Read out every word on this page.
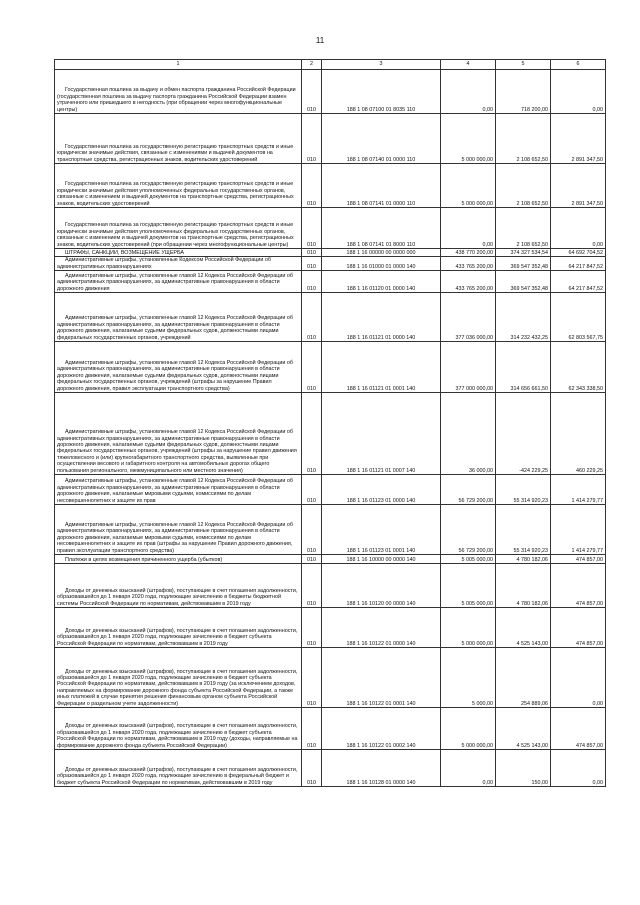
11
1	2	3	4	5	6

Государственная пошлина за выдачу и обмен паспорта гражданина Российской Федерации (государственная пошлина за выдачу паспорта гражданина Российской Федерации взамен утраченного или пришедшего в негодность (при обращении через многофункциональные центры)	010	188 1 08 07100 01 8035 110	0,00	718 200,00	0,00

Государственная пошлина за государственную регистрацию транспортных средств и иные юридически значимые действия, связанные с изменениями и выдачей документов на транспортные средства, регистрационных знаков, водительских удостоверений	010	188 1 08 07140 01 0000 110	5 000 000,00	2 108 652,50	2 891 347,50

Государственная пошлина за государственную регистрацию транспортных средств и иные юридически значимые действия уполномоченных федеральных государственных органов, связанные с изменением и выдачей документов на транспортные средства, регистрационных знаков, водительских удостоверений	010	188 1 08 07141 01 0000 110	5 000 000,00	2 108 652,50	2 891 347,50

Государственная пошлина за государственную регистрацию транспортных средств и иные юридически значимые действия уполномоченных федеральных государственных органов, связанные с изменением и выдачей документов на транспортные средства, регистрационных знаков, водительских удостоверений (при обращении через многофункциональные центры)	010	188 1 08 07141 01 8000 110	0,00	2 108 652,50	0,00

ШТРАФЫ, САНКЦИИ, ВОЗМЕЩЕНИЕ УЩЕРБА	010	188 1 16 00000 00 0000 000	438 770 200,00	374 327 534,54	64 692 704,52

Административные штрафы, установленные Кодексом Российской Федерации об административных правонарушениях	010	188 1 16 01000 01 0000 140	433 765 200,00	369 547 352,48	64 217 847,52

Административные штрафы, установленные главой 12 Кодекса Российской Федерации об административных правонарушениях, за административные правонарушения в области дорожного движения	010	188 1 16 01120 01 0000 140	433 765 200,00	369 547 352,48	64 217 847,52

Административные штрафы, установленные главой 12 Кодекса Российской Федерации об административных правонарушениях, за административные правонарушения в области дорожного движения, налагаемые судьями федеральных судов, должностными лицами федеральных государственных органов, учреждений	010	188 1 16 01121 01 0000 140	377 036 000,00	314 232 432,25	62 803 567,75

Административные штрафы, установленные главой 12 Кодекса Российской Федерации об административных правонарушениях, за административные правонарушения в области дорожного движения, налагаемые судьями федеральных судов, должностными лицами федеральных государственных органов, учреждений (штрафы за нарушение Правил дорожного движения, правил эксплуатации транспортного средства)	010	188 1 16 01121 01 0001 140	377 000 000,00	314 656 661,50	62 343 338,50

Административные штрафы, установленные главой 12 Кодекса Российской Федерации об административных правонарушениях, за административные правонарушения в области дорожного движения, налагаемые судьями федеральных судов, должностными лицами федеральных государственных органов, учреждений (штрафы за нарушение правил движения тяжеловесного и (или) крупногабаритного транспортного средства, выявленные при осуществлении весового и габаритного контроля на автомобильных дорогах общего пользования регионального, межмуниципального или местного значения)	010	188 1 16 01121 01 0007 140	36 000,00	-424 229,25	460 229,25

Административные штрафы, установленные главой 12 Кодекса Российской Федерации об административных правонарушениях, за административные правонарушения в области дорожного движения, налагаемые мировыми судьями, комиссиями по делам несовершеннолетних и защите их прав	010	188 1 16 01123 01 0000 140	56 729 200,00	55 314 920,23	1 414 279,77

Административные штрафы, установленные главой 12 Кодекса Российской Федерации об административных правонарушениях, за административные правонарушения в области дорожного движения, налагаемые мировыми судьями, комиссиями по делам несовершеннолетних и защите их прав (штрафы за нарушение Правил дорожного движения, правил эксплуатации транспортного средства)	010	188 1 16 01123 01 0001 140	56 729 200,00	55 314 920,23	1 414 279,77

Платежи в целях возмещения причиненного ущерба (убытков)	010	188 1 16 10000 00 0000 140	5 005 000,00	4 780 182,06	474 857,00

Доходы от денежных взысканий (штрафов), поступающие в счет погашения задолженности, образовавшейся до 1 января 2020 года, подлежащие зачислению в бюджеты бюджетной системы Российской Федерации по нормативам, действовавшим в 2019 году	010	188 1 16 10120 00 0000 140	5 005 000,00	4 780 182,06	474 857,00

Доходы от денежных взысканий (штрафов), поступающие в счет погашения задолженности, образовавшейся до 1 января 2020 года, подлежащие зачислению в бюджет субъекта Российской Федерации по нормативам, действовавшим в 2019 году	010	188 1 16 10122 01 0000 140	5 000 000,00	4 525 143,00	474 857,00

Доходы от денежных взысканий (штрафов), поступающие в счет погашения задолженности, образовавшейся до 1 января 2020 года, подлежащие зачислению в бюджет субъекта Российской Федерации по нормативам, действовавшим в 2019 году (за исключением доходов, направляемых на формирование дорожного фонда субъекта Российской Федерации, а также иных платежей в случае принятия решения финансовым органом субъекта Российской Федерации о раздельном учете задолженности)	010	188 1 16 10122 01 0001 140	5 000,00	254 889,06	0,00

Доходы от денежных взысканий (штрафов), поступающие в счет погашения задолженности, образовавшейся до 1 января 2020 года, подлежащие зачислению в бюджет субъекта Российской Федерации по нормативам, действовавшим в 2019 году (доходы, направляемые на формирование дорожного фонда субъекта Российской Федерации)	010	188 1 16 10122 01 0002 140	5 000 000,00	4 525 143,00	474 857,00

Доходы от денежных взысканий (штрафов), поступающие в счет погашения задолженности, образовавшейся до 1 января 2020 года, подлежащие зачислению в федеральный бюджет и бюджет субъекта Российской Федерации по нормативам, действовавшим в 2019 году	010	188 1 16 10128 01 0000 140	0,00	150,00	0,00
